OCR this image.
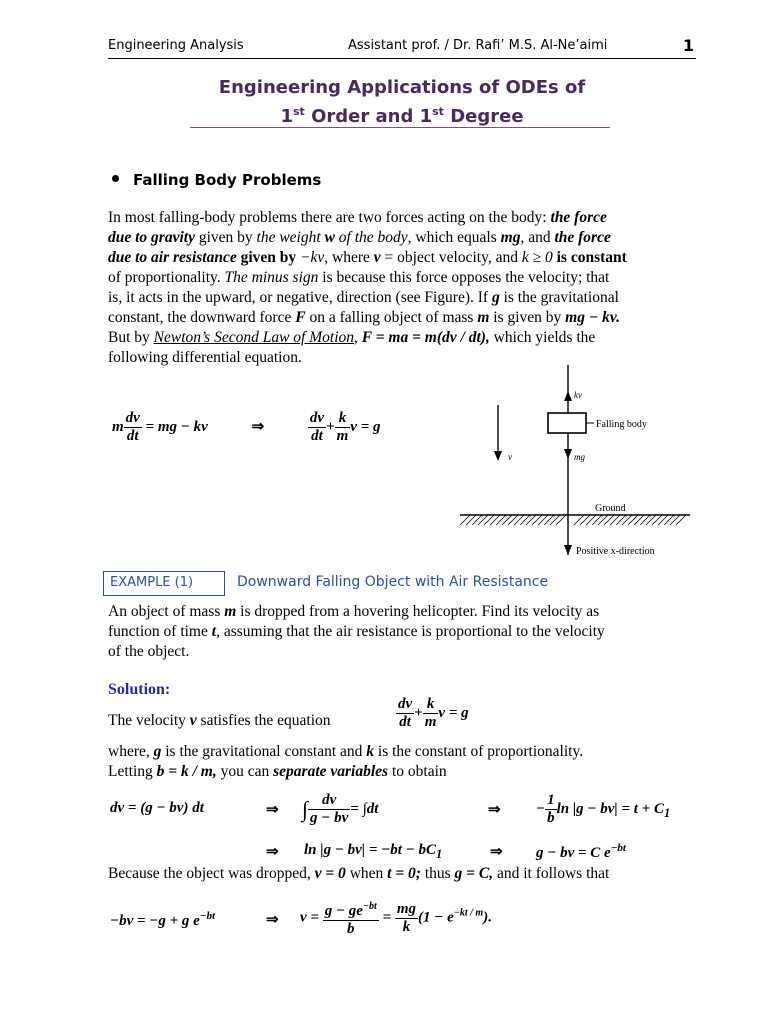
Engineering Analysis	Assistant prof. / Dr. Rafi’ M.S. Al-Ne’aimi	1
Engineering Applications of ODEs of
1st Order and 1st Degree
Falling Body Problems
In most falling-body problems there are two forces acting on the body: the force
due to gravity given by the weight w of the body, which equals mg, and the force
due to air resistance given by −kv, where v = object velocity, and k ≥ 0 is constant
of proportionality. The minus sign is because this force opposes the velocity; that
is, it acts in the upward, or negative, direction (see Figure). If g is the gravitational
constant, the downward force F on a falling object of mass m is given by mg − kv.
But by Newton’s Second Law of Motion, F = ma = m(dv / dt), which yields the
following differential equation.
m $\frac{dv}{dt}$ = mg − kv	⇒	$\frac{dv}{dt} + \frac{k}{m}$ v = g
v
kv
Falling body
mg
Ground
Positive x-direction
EXAMPLE (1)	Downward Falling Object with Air Resistance
An object of mass m is dropped from a hovering helicopter. Find its velocity as
function of time t, assuming that the air resistance is proportional to the velocity
of the object.
Solution:
The velocity v satisfies the equation	$\frac{dv}{dt} + \frac{k}{m}$ v = g
where, g is the gravitational constant and k is the constant of proportionality.
Letting b = k / m, you can separate variables to obtain
dv = (g − bv) dt	⇒ ∫ $\frac{dv}{g - bv} = \int dt$	⇒ − $\frac{1}{b}$ $\ln |g - bv| = t + C_1$
⇒ $\ln |g - bv| = -bt - bC_1$	⇒ g − bv = C $e^{-bt}$
Because the object was dropped, v = 0 when t = 0; thus g = C, and it follows that
−bv = −g + g $e^{-bt}$	⇒ $v = \frac{g - ge^{-bt}}{b} = \frac{mg}{k} (1 - e^{-kt / m})$.
